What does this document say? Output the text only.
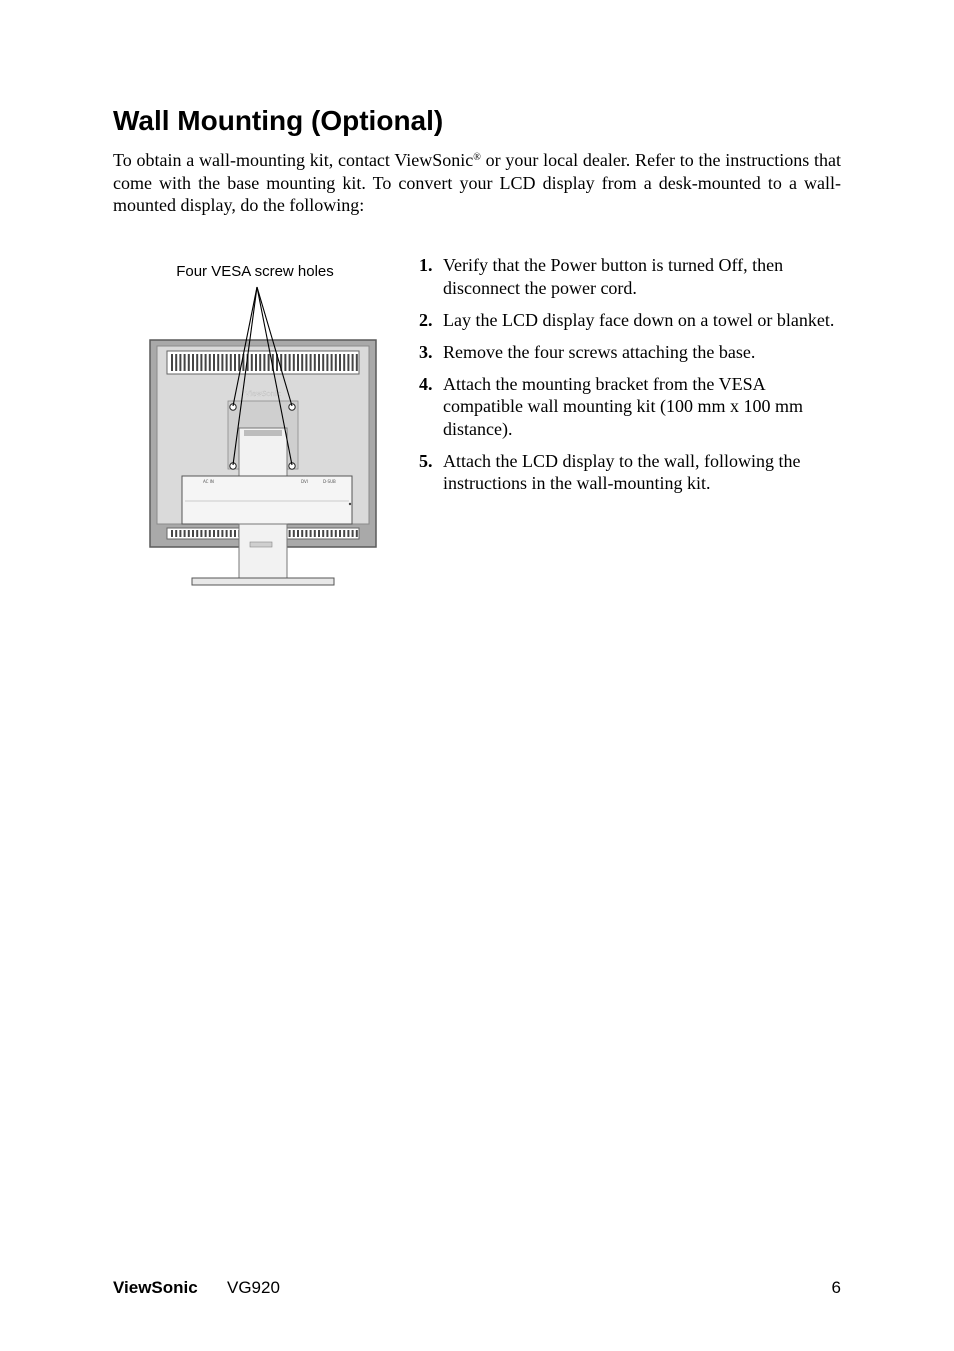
Wall Mounting (Optional)

To obtain a wall-mounting kit, contact ViewSonic® or your local dealer. Refer to the instructions that come with the base mounting kit. To convert your LCD display from a desk-mounted to a wall-mounted display, do the following:

ViewSonic
AC IN	DVI	D-SUB
Four VESA screw holes	1. Verify that the Power button is turned Off, then disconnect the power cord.
2. Lay the LCD display face down on a towel or blanket.
3. Remove the four screws attaching the base.
4. Attach the mounting bracket from the VESA compatible wall mounting kit (100 mm x 100 mm distance).
5. Attach the LCD display to the wall, following the instructions in the wall-mounting kit.
ViewSonic VG920	6
